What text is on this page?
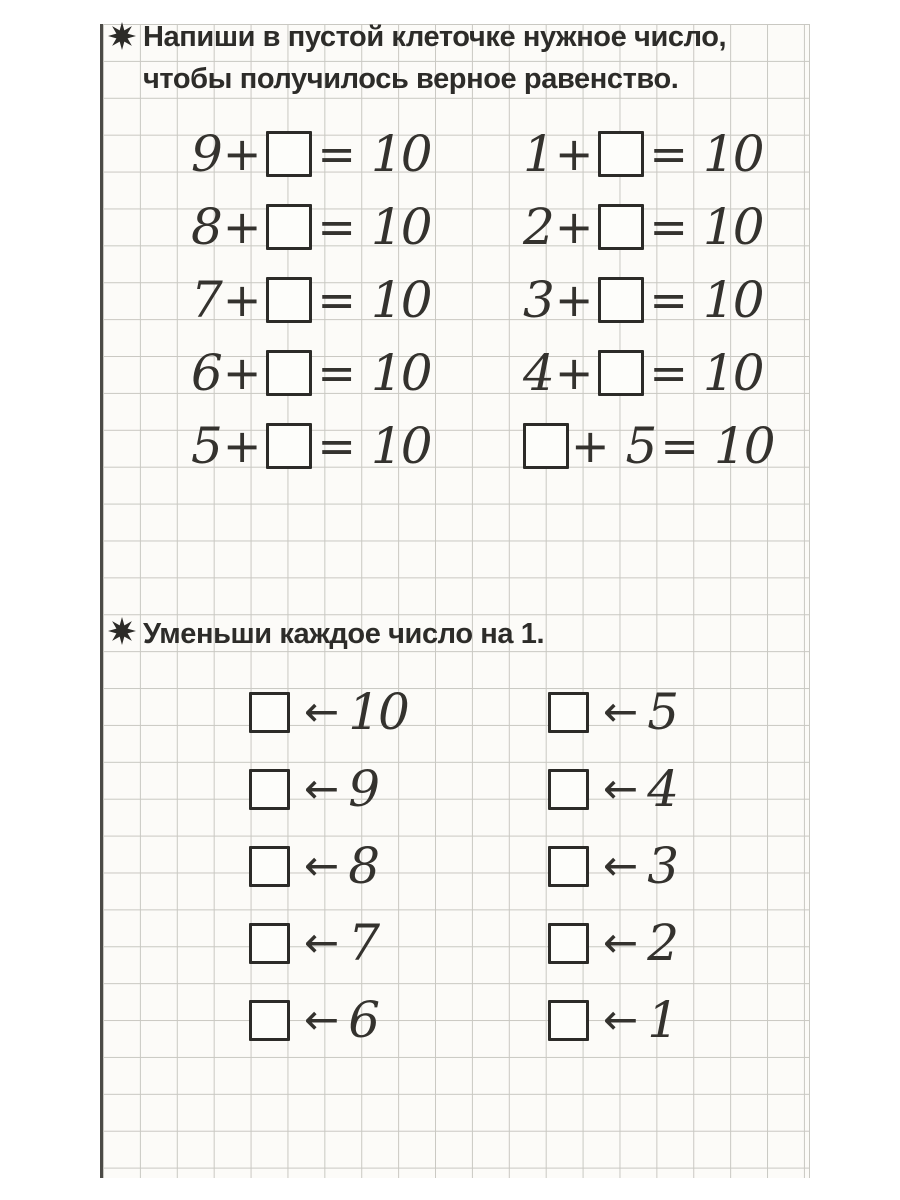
Напиши в пустой клеточке нужное число,
чтобы получилось верное равенство.
9 + = 10
8 + = 10
7 + = 10
6 + = 10
5 + = 10
1 + = 10
2 + = 10
3 + = 10
4 + = 10
+ 5 = 10
Уменьши каждое число на 1.
← 10
← 9
← 8
← 7
← 6
← 5
← 4
← 3
← 2
← 1
